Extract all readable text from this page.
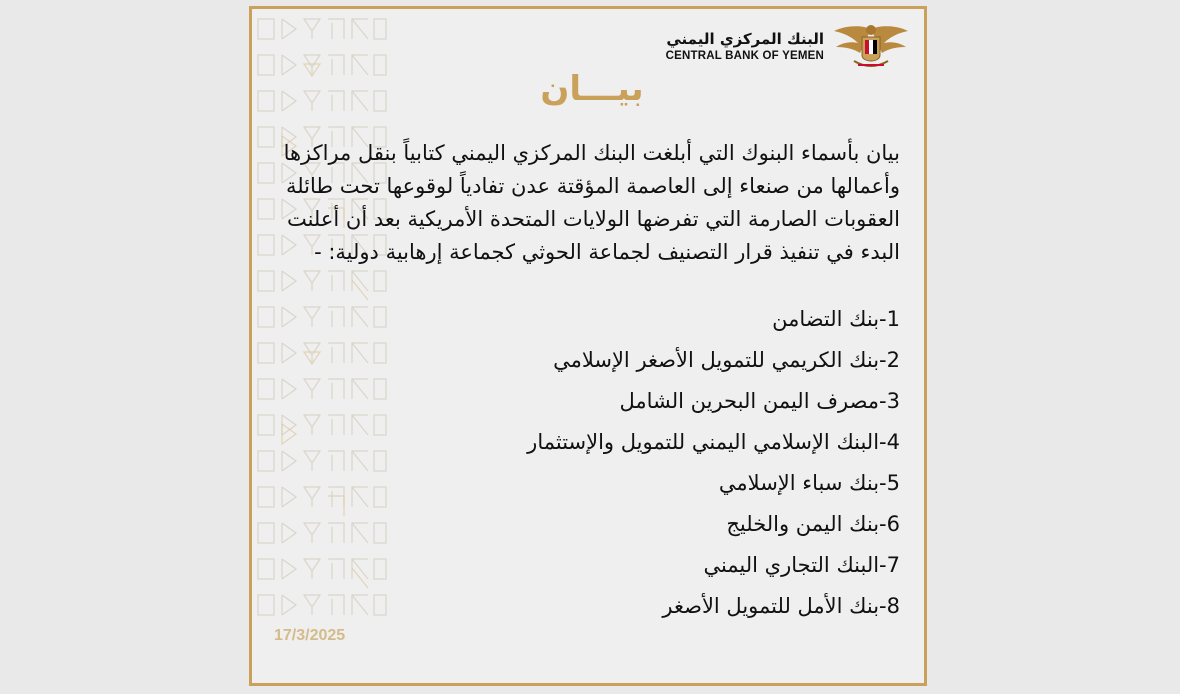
البنك المركزي اليمني
CENTRAL BANK OF YEMEN
بيـــان
بيان بأسماء البنوك التي أبلغت البنك المركزي اليمني كتابياً بنقل مراكزها
وأعمالها من صنعاء إلى العاصمة المؤقتة عدن تفادياً لوقوعها تحت طائلة
العقوبات الصارمة التي تفرضها الولايات المتحدة الأمريكية بعد أن أعلنت
البدء في تنفيذ قرار التصنيف لجماعة الحوثي كجماعة إرهابية دولية: -
1-بنك التضامن
2-بنك الكريمي للتمويل الأصغر الإسلامي
3-مصرف اليمن البحرين الشامل
4-البنك الإسلامي اليمني للتمويل والإستثمار
5-بنك سباء الإسلامي
6-بنك اليمن والخليج
7-البنك التجاري اليمني
8-بنك الأمل للتمويل الأصغر
17/3/2025
